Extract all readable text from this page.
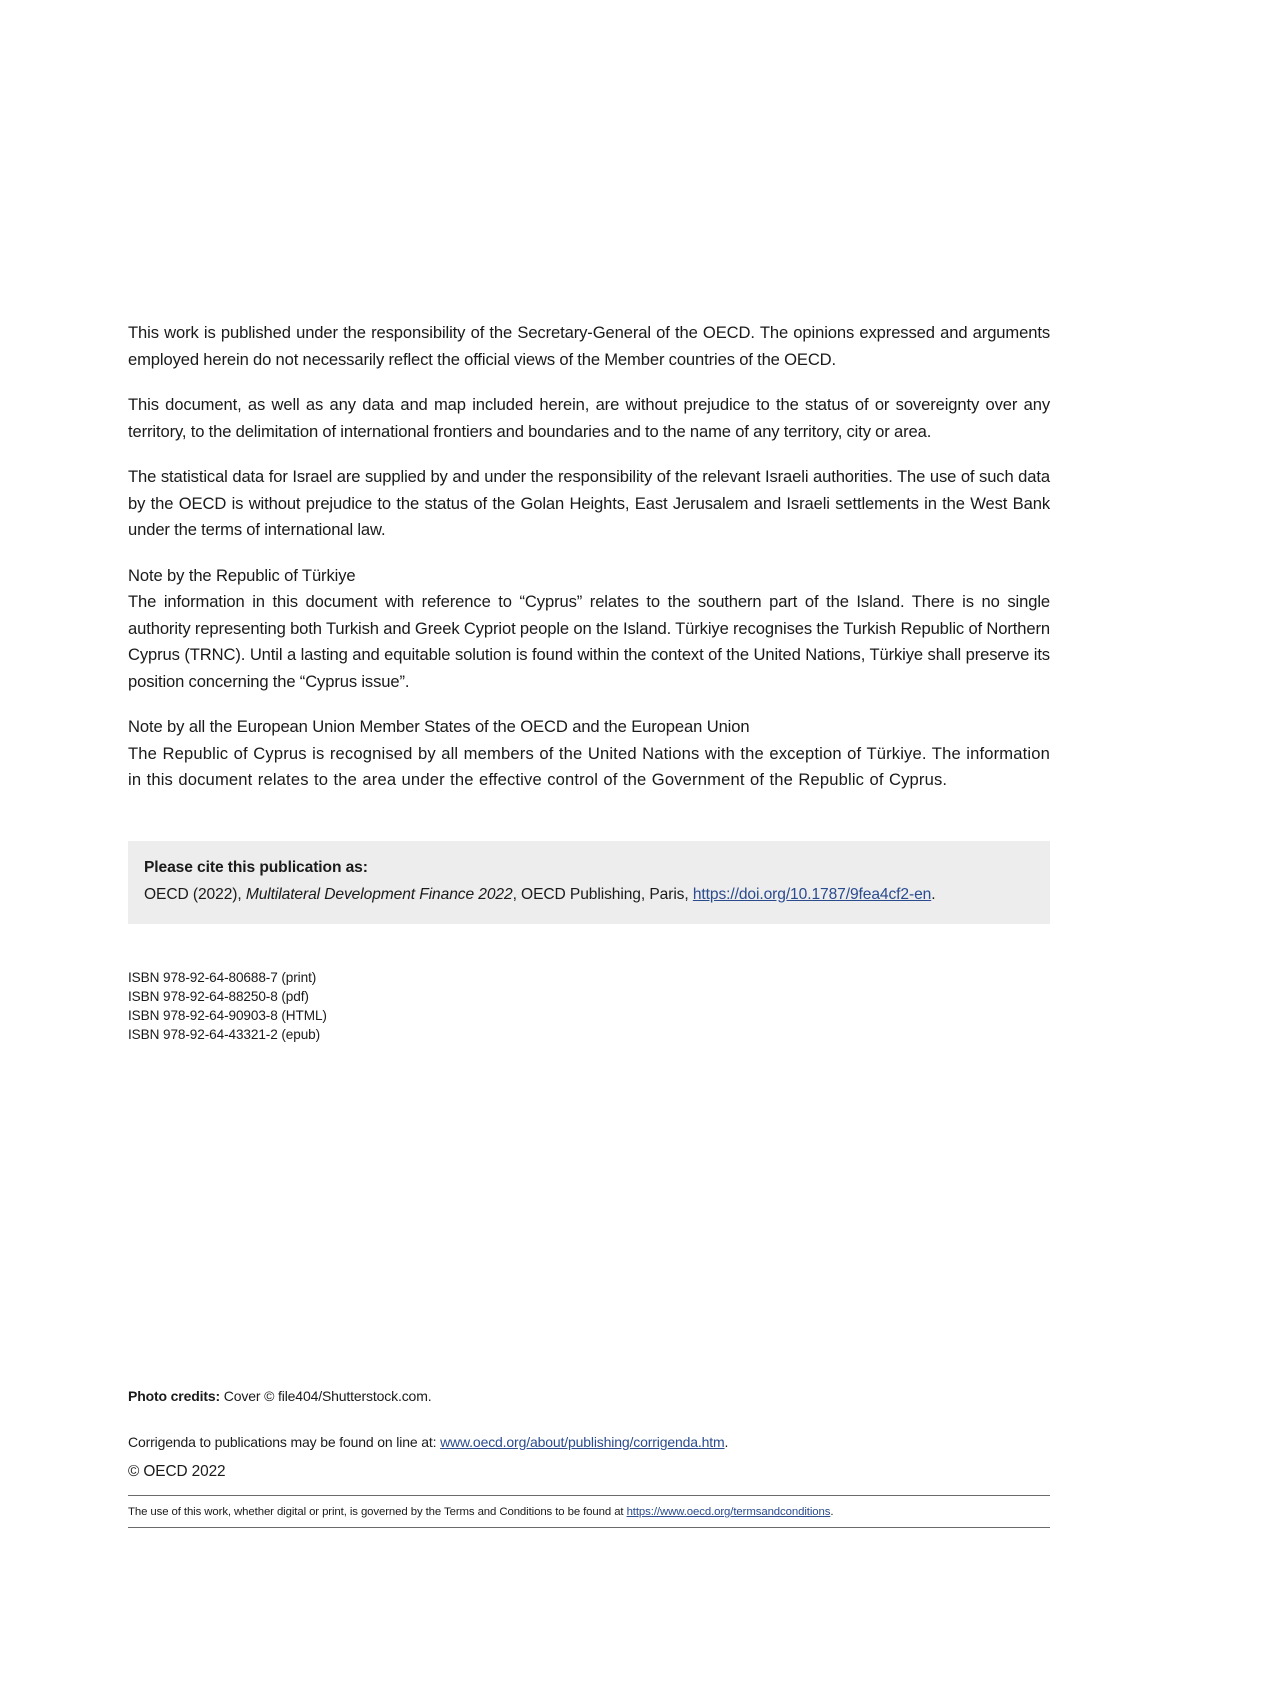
This work is published under the responsibility of the Secretary-General of the OECD. The opinions expressed and arguments employed herein do not necessarily reflect the official views of the Member countries of the OECD.

This document, as well as any data and map included herein, are without prejudice to the status of or sovereignty over any territory, to the delimitation of international frontiers and boundaries and to the name of any territory, city or area.

The statistical data for Israel are supplied by and under the responsibility of the relevant Israeli authorities. The use of such data by the OECD is without prejudice to the status of the Golan Heights, East Jerusalem and Israeli settlements in the West Bank under the terms of international law.

Note by the Republic of Türkiye

The information in this document with reference to “Cyprus” relates to the southern part of the Island. There is no single authority representing both Turkish and Greek Cypriot people on the Island. Türkiye recognises the Turkish Republic of Northern Cyprus (TRNC). Until a lasting and equitable solution is found within the context of the United Nations, Türkiye shall preserve its position concerning the “Cyprus issue”.

Note by all the European Union Member States of the OECD and the European Union

The Republic of Cyprus is recognised by all members of the United Nations with the exception of Türkiye. The information in this document relates to the area under the effective control of the Government of the Republic of Cyprus.

Please cite this publication as:

OECD (2022), Multilateral Development Finance 2022, OECD Publishing, Paris, https://doi.org/10.1787/9fea4cf2-en.

ISBN 978-92-64-80688-7 (print)

ISBN 978-92-64-88250-8 (pdf)

ISBN 978-92-64-90903-8 (HTML)

ISBN 978-92-64-43321-2 (epub)

Photo credits: Cover © file404/Shutterstock.com.

Corrigenda to publications may be found on line at: www.oecd.org/about/publishing/corrigenda.htm.

© OECD 2022

The use of this work, whether digital or print, is governed by the Terms and Conditions to be found at https://www.oecd.org/termsandconditions.
